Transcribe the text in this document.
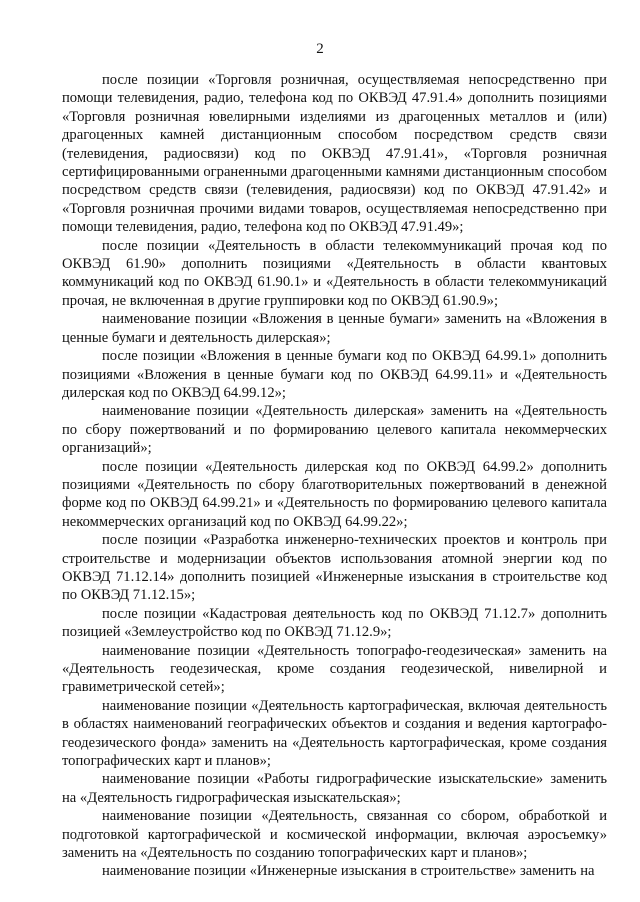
2

после позиции «Торговля розничная, осуществляемая непосредственно при помощи телевидения, радио, телефона код по ОКВЭД 47.91.4» дополнить позициями «Торговля розничная ювелирными изделиями из драгоценных металлов и (или) драгоценных камней дистанционным способом посредством средств связи (телевидения, радиосвязи) код по ОКВЭД 47.91.41», «Торговля розничная сертифицированными ограненными драгоценными камнями дистанционным способом посредством средств связи (телевидения, радиосвязи) код по ОКВЭД 47.91.42» и «Торговля розничная прочими видами товаров, осуществляемая непосредственно при помощи телевидения, радио, телефона код по ОКВЭД 47.91.49»;

после позиции «Деятельность в области телекоммуникаций прочая код по ОКВЭД 61.90» дополнить позициями «Деятельность в области квантовых коммуникаций код по ОКВЭД 61.90.1» и «Деятельность в области телекоммуникаций прочая, не включенная в другие группировки код по ОКВЭД 61.90.9»;

наименование позиции «Вложения в ценные бумаги» заменить на «Вложения в ценные бумаги и деятельность дилерская»;

после позиции «Вложения в ценные бумаги код по ОКВЭД 64.99.1» дополнить позициями «Вложения в ценные бумаги код по ОКВЭД 64.99.11» и «Деятельность дилерская код по ОКВЭД 64.99.12»;

наименование позиции «Деятельность дилерская» заменить на «Деятельность по сбору пожертвований и по формированию целевого капитала некоммерческих организаций»;

после позиции «Деятельность дилерская код по ОКВЭД 64.99.2» дополнить позициями «Деятельность по сбору благотворительных пожертвований в денежной форме код по ОКВЭД 64.99.21» и «Деятельность по формированию целевого капитала некоммерческих организаций код по ОКВЭД 64.99.22»;

после позиции «Разработка инженерно-технических проектов и контроль при строительстве и модернизации объектов использования атомной энергии код по ОКВЭД 71.12.14» дополнить позицией «Инженерные изыскания в строительстве код по ОКВЭД 71.12.15»;

после позиции «Кадастровая деятельность код по ОКВЭД 71.12.7» дополнить позицией «Землеустройство код по ОКВЭД 71.12.9»;

наименование позиции «Деятельность топографо-геодезическая» заменить на «Деятельность геодезическая, кроме создания геодезической, нивелирной и гравиметрической сетей»;

наименование позиции «Деятельность картографическая, включая деятельность в областях наименований географических объектов и создания и ведения картографо-геодезического фонда» заменить на «Деятельность картографическая, кроме создания топографических карт и планов»;

наименование позиции «Работы гидрографические изыскательские» заменить на «Деятельность гидрографическая изыскательская»;

наименование позиции «Деятельность, связанная со сбором, обработкой и подготовкой картографической и космической информации, включая аэросъемку» заменить на «Деятельность по созданию топографических карт и планов»;

наименование позиции «Инженерные изыскания в строительстве» заменить на
